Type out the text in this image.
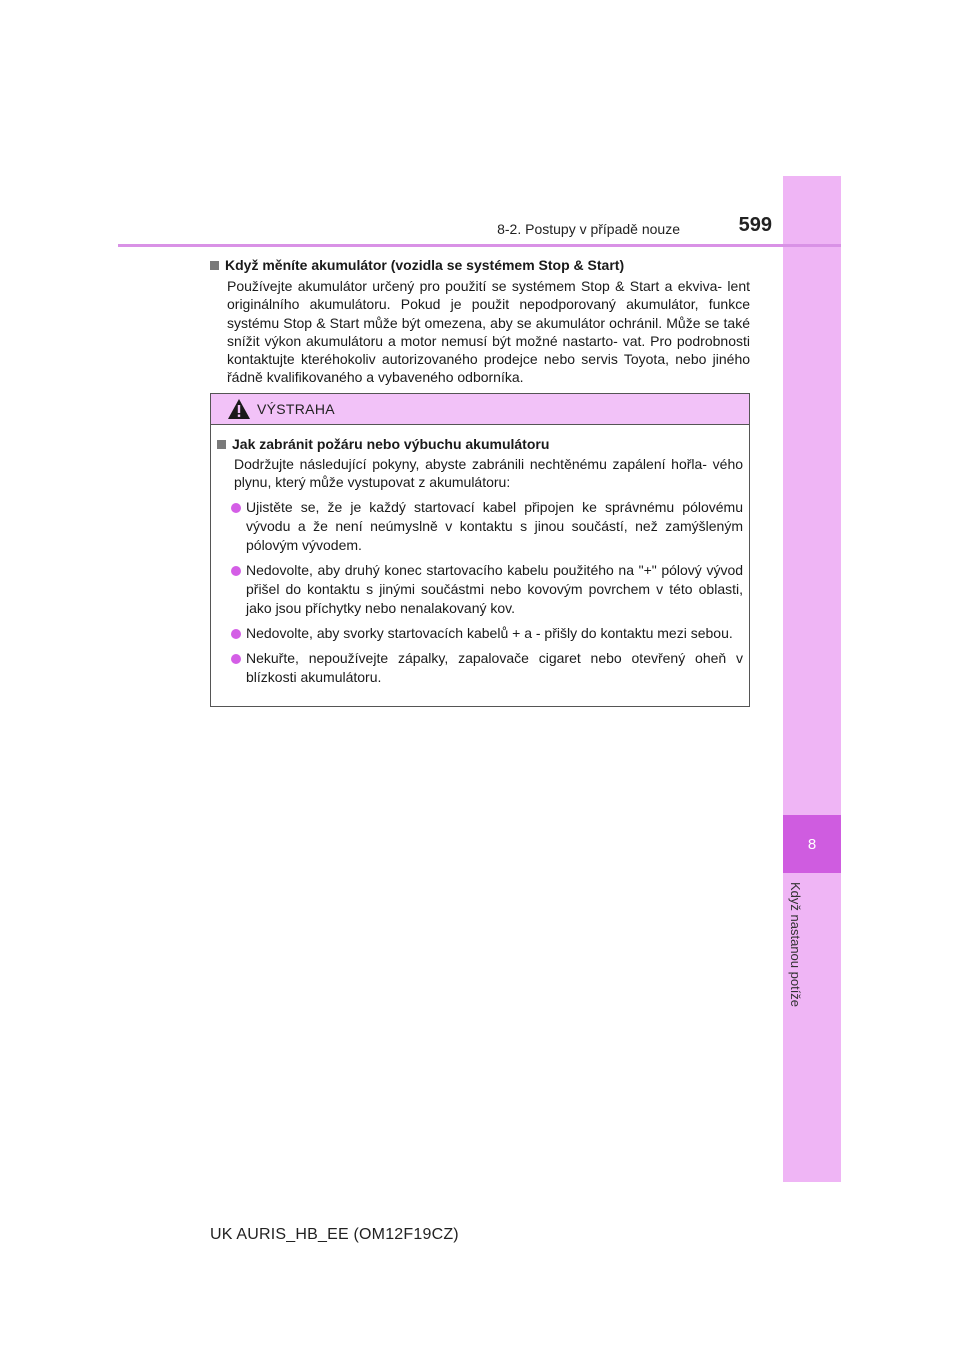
8
Když nastanou potíže
8-2. Postupy v případě nouze	599
Když měníte akumulátor (vozidla se systémem Stop & Start)

Používejte akumulátor určený pro použití se systémem Stop & Start a ekviva- lent originálního akumulátoru. Pokud je použit nepodporovaný akumulátor, funkce systému Stop & Start může být omezena, aby se akumulátor ochránil. Může se také snížit výkon akumulátoru a motor nemusí být možné nastarto- vat. Pro podrobnosti kontaktujte kteréhokoliv autorizovaného prodejce nebo servis Toyota, nebo jiného řádně kvalifikovaného a vybaveného odborníka.

VÝSTRAHA
Jak zabránit požáru nebo výbuchu akumulátoru

Dodržujte následující pokyny, abyste zabránili nechtěnému zapálení hořla- vého plynu, který může vystupovat z akumulátoru:

Ujistěte se, že je každý startovací kabel připojen ke správnému pólovému vývodu a že není neúmyslně v kontaktu s jinou součástí, než zamýšleným pólovým vývodem.
Nedovolte, aby druhý konec startovacího kabelu použitého na "+" pólový vývod přišel do kontaktu s jinými součástmi nebo kovovým povrchem v této oblasti, jako jsou příchytky nebo nenalakovaný kov.
Nedovolte, aby svorky startovacích kabelů + a - přišly do kontaktu mezi sebou.
Nekuřte, nepoužívejte zápalky, zapalovače cigaret nebo otevřený oheň v blízkosti akumulátoru.
UK AURIS_HB_EE (OM12F19CZ)
